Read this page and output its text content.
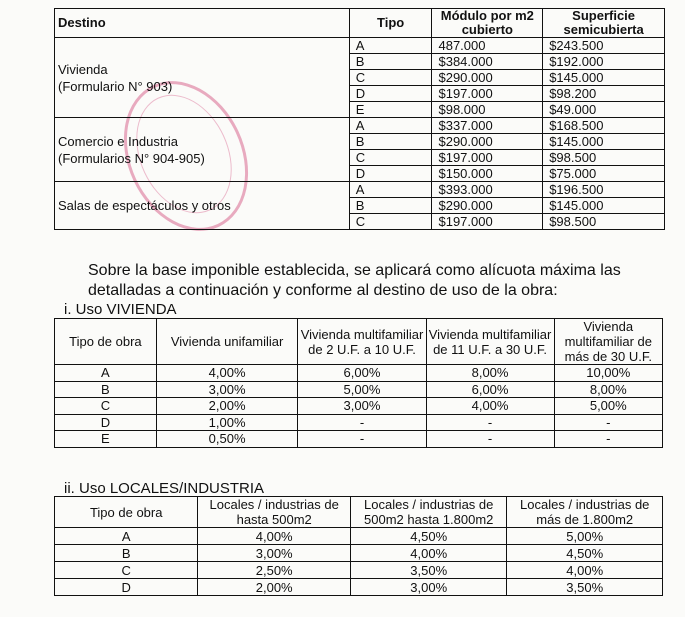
Destino	Tipo	Módulo por m2 cubierto	Superficie semicubierta
Vivienda
(Formulario N° 903)	A	487.000	$243.500
	B	$384.000	$192.000
	C	$290.000	$145.000
	D	$197.000	$98.200
	E	$98.000	$49.000
Comercio e Industria
(Formularios N° 904-905)	A	$337.000	$168.500
	B	$290.000	$145.000
	C	$197.000	$98.500
	D	$150.000	$75.000
Salas de espectáculos y otros	A	$393.000	$196.500
	B	$290.000	$145.000
	C	$197.000	$98.500
Sobre la base imponible establecida, se aplicará como alícuota máxima las detalladas a continuación y conforme al destino de uso de la obra:
i. Uso VIVIENDA
Tipo de obra	Vivienda unifamiliar	Vivienda multifamiliar de 2 U.F. a 10 U.F.	Vivienda multifamiliar de 11 U.F. a 30 U.F.	Vivienda multifamiliar de más de 30 U.F.
A	4,00%	6,00%	8,00%	10,00%
B	3,00%	5,00%	6,00%	8,00%
C	2,00%	3,00%	4,00%	5,00%
D	1,00%	-	-	-
E	0,50%	-	-	-
ii. Uso LOCALES/INDUSTRIA
Tipo de obra	Locales / industrias de hasta 500m2	Locales / industrias de 500m2 hasta 1.800m2	Locales / industrias de más de 1.800m2
A	4,00%	4,50%	5,00%
B	3,00%	4,00%	4,50%
C	2,50%	3,50%	4,00%
D	2,00%	3,00%	3,50%
